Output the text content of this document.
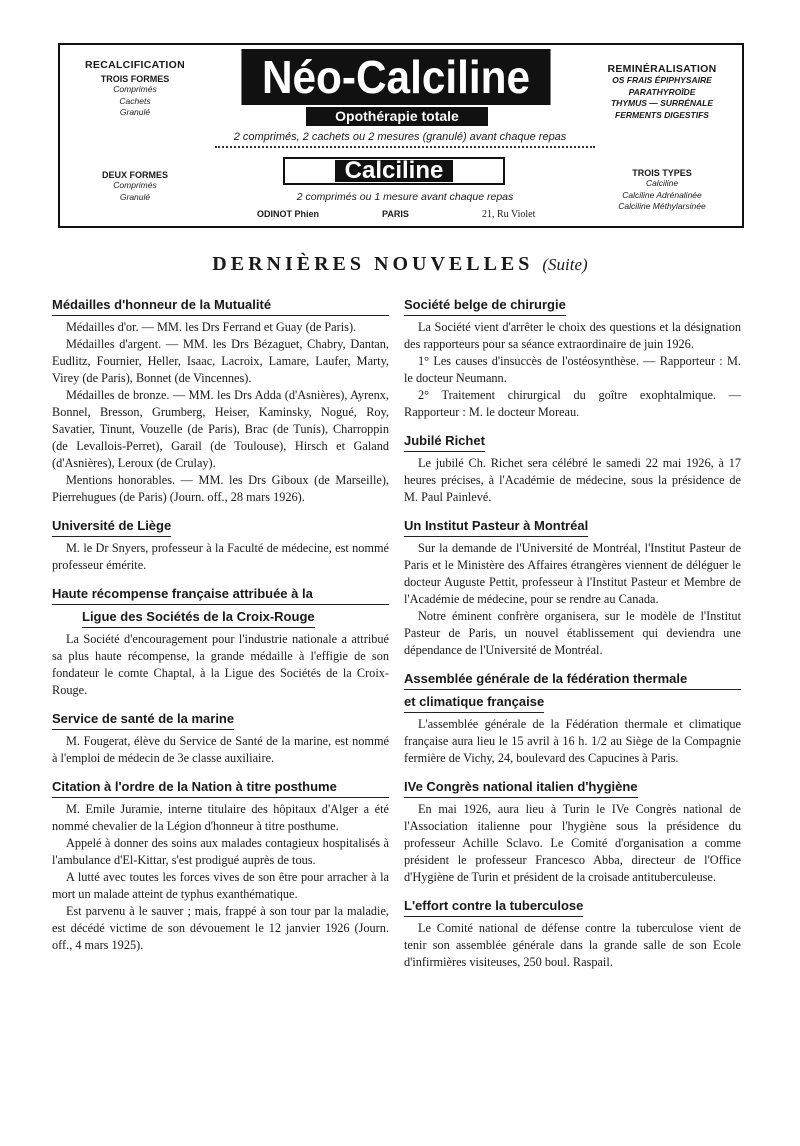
RECALCIFICATION
TROIS FORMES
Comprimés
Cachets
Granulé
DEUX FORMES
Comprimés
Granulé
REMINÉRALISATION
OS FRAIS ÉPIPHYSAIRE
PARATHYROÏDE
THYMUS — SURRÉNALE
FERMENTS DIGESTIFS
TROIS TYPES
Calciline
Calciline Adrénalinée
Calciline Méthylarsinée
Néo-Calciline
Opothérapie totale
2 comprimés, 2 cachets ou 2 mesures (granulé) avant chaque repas
Calciline
2 comprimés ou 1 mesure avant chaque repas
ODINOT Phien	PARIS	21, Ru Violet
DERNIÈRES NOUVELLES (Suite)
Médailles d'honneur de la Mutualité

Médailles d'or. — MM. les Drs Ferrand et Guay (de Paris).

Médailles d'argent. — MM. les Drs Bézaguet, Chabry, Dantan, Eudlitz, Fournier, Heller, Isaac, Lacroix, Lamare, Laufer, Marty, Virey (de Paris), Bonnet (de Vincennes).

Médailles de bronze. — MM. les Drs Adda (d'Asnières), Ayrenx, Bonnel, Bresson, Grumberg, Heiser, Kaminsky, Nogué, Roy, Savatier, Tinunt, Vouzelle (de Paris), Brac (de Tunis), Charroppin (de Levallois-Perret), Garail (de Toulouse), Hirsch et Galand (d'Asnières), Leroux (de Crulay).

Mentions honorables. — MM. les Drs Giboux (de Marseille), Pierrehugues (de Paris) (Journ. off., 28 mars 1926).

Université de Liège

M. le Dr Snyers, professeur à la Faculté de médecine, est nommé professeur émérite.

Haute récompense française attribuée à la
Ligue des Sociétés de la Croix-Rouge

La Société d'encouragement pour l'industrie nationale a attribué sa plus haute récompense, la grande médaille à l'effigie de son fondateur le comte Chaptal, à la Ligue des Sociétés de la Croix-Rouge.

Service de santé de la marine

M. Fougerat, élève du Service de Santé de la marine, est nommé à l'emploi de médecin de 3e classe auxiliaire.

Citation à l'ordre de la Nation à titre posthume

M. Emile Juramie, interne titulaire des hôpitaux d'Alger a été nommé chevalier de la Légion d'honneur à titre posthume.

Appelé à donner des soins aux malades contagieux hospitalisés à l'ambulance d'El-Kittar, s'est prodigué auprès de tous.

A lutté avec toutes les forces vives de son être pour arracher à la mort un malade atteint de typhus exanthématique.

Est parvenu à le sauver ; mais, frappé à son tour par la maladie, est décédé victime de son dévouement le 12 janvier 1926 (Journ. off., 4 mars 1925).

Société belge de chirurgie

La Société vient d'arrêter le choix des questions et la désignation des rapporteurs pour sa séance extraordinaire de juin 1926.

1° Les causes d'insuccès de l'ostéosynthèse. — Rapporteur : M. le docteur Neumann.

2° Traitement chirurgical du goître exophtalmique. — Rapporteur : M. le docteur Moreau.

Jubilé Richet

Le jubilé Ch. Richet sera célébré le samedi 22 mai 1926, à 17 heures précises, à l'Académie de médecine, sous la présidence de M. Paul Painlevé.

Un Institut Pasteur à Montréal

Sur la demande de l'Université de Montréal, l'Institut Pasteur de Paris et le Ministère des Affaires étrangères viennent de déléguer le docteur Auguste Pettit, professeur à l'Institut Pasteur et Membre de l'Académie de médecine, pour se rendre au Canada.

Notre éminent confrère organisera, sur le modèle de l'Institut Pasteur de Paris, un nouvel établissement qui deviendra une dépendance de l'Université de Montréal.

Assemblée générale de la fédération thermale
et climatique française

L'assemblée générale de la Fédération thermale et climatique française aura lieu le 15 avril à 16 h. 1/2 au Siège de la Compagnie fermière de Vichy, 24, boulevard des Capucines à Paris.

IVe Congrès national italien d'hygiène

En mai 1926, aura lieu à Turin le IVe Congrès national de l'Association italienne pour l'hygiène sous la présidence du professeur Achille Sclavo. Le Comité d'organisation a comme président le professeur Francesco Abba, directeur de l'Office d'Hygiène de Turin et président de la croisade antituberculeuse.

L'effort contre la tuberculose

Le Comité national de défense contre la tuberculose vient de tenir son assemblée générale dans la grande salle de son Ecole d'infirmières visiteuses, 250 boul. Raspail.
